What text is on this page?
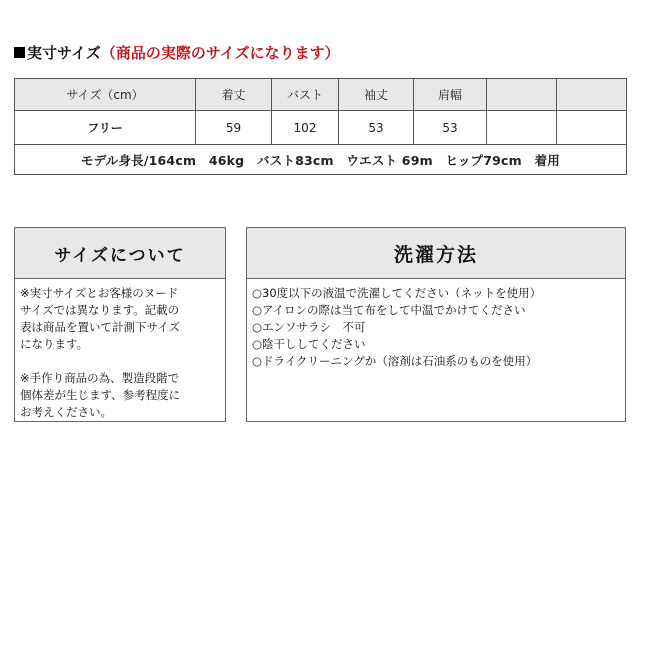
実寸サイズ（商品の実際のサイズになります）
サイズ（cm）	着丈	バスト	袖丈	肩幅		
フリー	59	102	53	53		
モデル身長/164cm　46kg　バスト83cm　ウエスト 69m　ヒップ79cm　着用						
サイズについて

※実寸サイズとお客様のヌード

サイズでは異なります。記載の

表は商品を置いて計測下サイズ

になります。

※手作り商品の為、製造段階で

個体差が生じます、参考程度に

お考えください。

洗濯方法

○30度以下の液温で洗濯してください（ネットを使用）

○アイロンの際は当て布をして中温でかけてください

○エンソサラシ　不可

○陰干ししてください

○ドライクリーニングか（溶剤は石油系のものを使用）
